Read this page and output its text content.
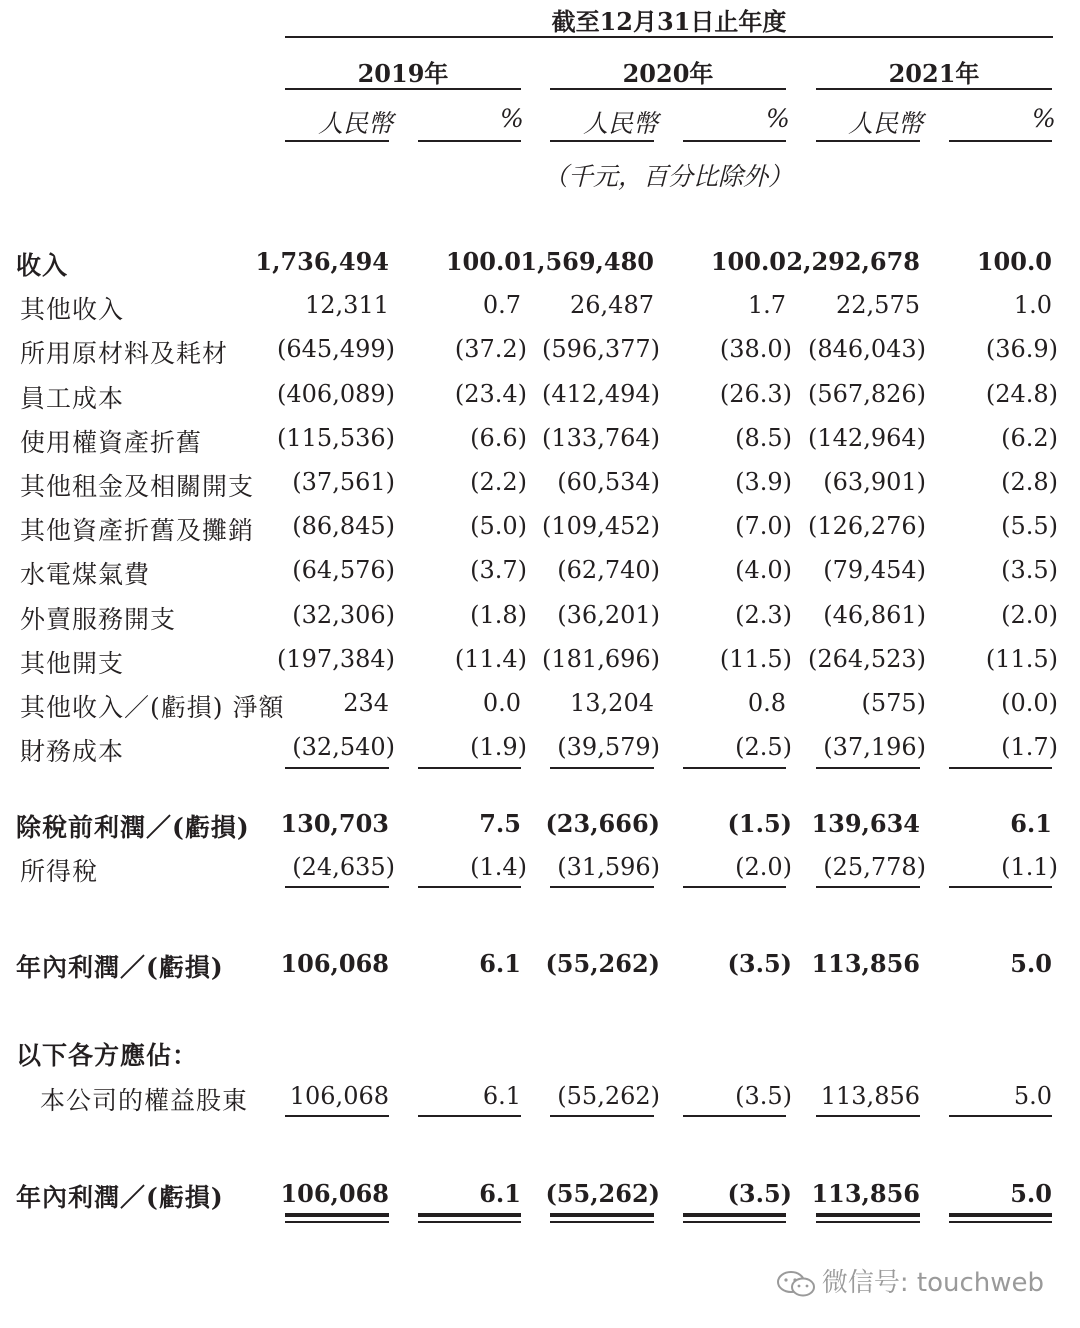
截至12月31日止年度
2019年	2020年	2021年
人民幣	% 人民幣	% 人民幣	%
（千元，百分比除外）
收入	1,736,494 100.0 1,569,480 100.0 2,292,678 100.0
其他收入	12,311	0.7 26,487	1.7 22,575	1.0
所用原材料及耗材 (645,499) (37.2) (596,377) (38.0) (846,043) (36.9)
員工成本	(406,089) (23.4) (412,494) (26.3) (567,826) (24.8)
使用權資產折舊	(115,536)	(6.6) (133,764)	(8.5) (142,964)	(6.2)
其他租金及相關開支 (37,561)	(2.2) (60,534)	(3.9) (63,901)	(2.8)
其他資產折舊及攤銷 (86,845)	(5.0) (109,452)	(7.0) (126,276)	(5.5)
水電煤氣費	(64,576)	(3.7) (62,740)	(4.0) (79,454)	(3.5)
外賣服務開支	(32,306)	(1.8) (36,201)	(2.3) (46,861)	(2.0)
其他開支	(197,384) (11.4) (181,696) (11.5) (264,523) (11.5)
其他收入／(虧損) 淨額 234	0.0 13,204	0.8	(575)	(0.0)
財務成本	(32,540)	(1.9) (39,579)	(2.5) (37,196)	(1.7)
除稅前利潤／(虧損) 130,703	7.5 (23,666)	(1.5) 139,634	6.1
所得稅	(24,635)	(1.4) (31,596)	(2.0) (25,778)	(1.1)
年內利潤／(虧損) 106,068	6.1 (55,262)	(3.5) 113,856	5.0
以下各方應佔：
本公司的權益股東 106,068	6.1 (55,262)	(3.5) 113,856	5.0
年內利潤／(虧損) 106,068	6.1 (55,262)	(3.5) 113,856	5.0
微信号: touchweb
